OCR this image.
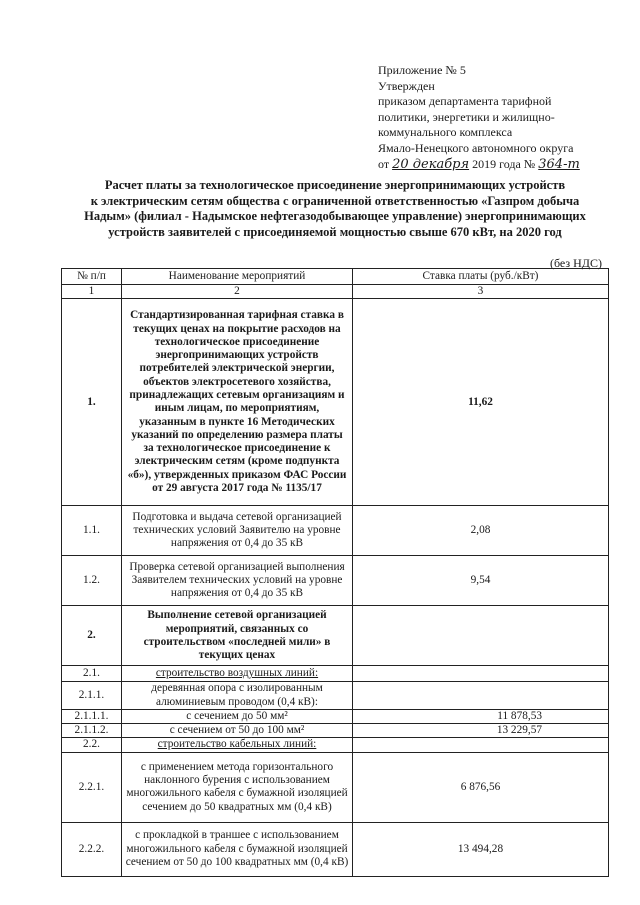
Приложение № 5
Утвержден
приказом департамента тарифной
политики, энергетики и жилищно-
коммунального комплекса
Ямало-Ненецкого автономного округа
от 20 декабря 2019 года № 364-т
Расчет платы за технологическое присоединение энергопринимающих устройств
к электрическим сетям общества с ограниченной ответственностью «Газпром добыча
Надым» (филиал - Надымское нефтегазодобывающее управление) энергопринимающих
устройств заявителей с присоединяемой мощностью свыше 670 кВт, на 2020 год
(без НДС)
№ п/п	Наименование мероприятий	Ставка платы (руб./кВт)
1	2	3
1.	Стандартизированная тарифная ставка в текущих ценах на покрытие расходов на технологическое присоединение энергопринимающих устройств потребителей электрической энергии, объектов электросетевого хозяйства, принадлежащих сетевым организациям и иным лицам, по мероприятиям, указанным в пункте 16 Методических указаний по определению размера платы за технологическое присоединение к электрическим сетям (кроме подпункта «б»), утвержденных приказом ФАС России от 29 августа 2017 года № 1135/17	11,62
1.1.	Подготовка и выдача сетевой организацией технических условий Заявителю на уровне напряжения от 0,4 до 35 кВ	2,08
1.2.	Проверка сетевой организацией выполнения Заявителем технических условий на уровне напряжения от 0,4 до 35 кВ	9,54
2.	Выполнение сетевой организацией мероприятий, связанных со строительством «последней мили» в текущих ценах	
2.1.	строительство воздушных линий:	
2.1.1.	деревянная опора с изолированным алюминиевым проводом (0,4 кВ):	
2.1.1.1.	с сечением до 50 мм²	11 878,53
2.1.1.2.	с сечением от 50 до 100 мм²	13 229,57
2.2.	строительство кабельных линий:	
2.2.1.	с применением метода горизонтального наклонного бурения с использованием многожильного кабеля с бумажной изоляцией сечением до 50 квадратных мм (0,4 кВ)	6 876,56
2.2.2.	с прокладкой в траншее с использованием многожильного кабеля с бумажной изоляцией сечением от 50 до 100 квадратных мм (0,4 кВ)	13 494,28
